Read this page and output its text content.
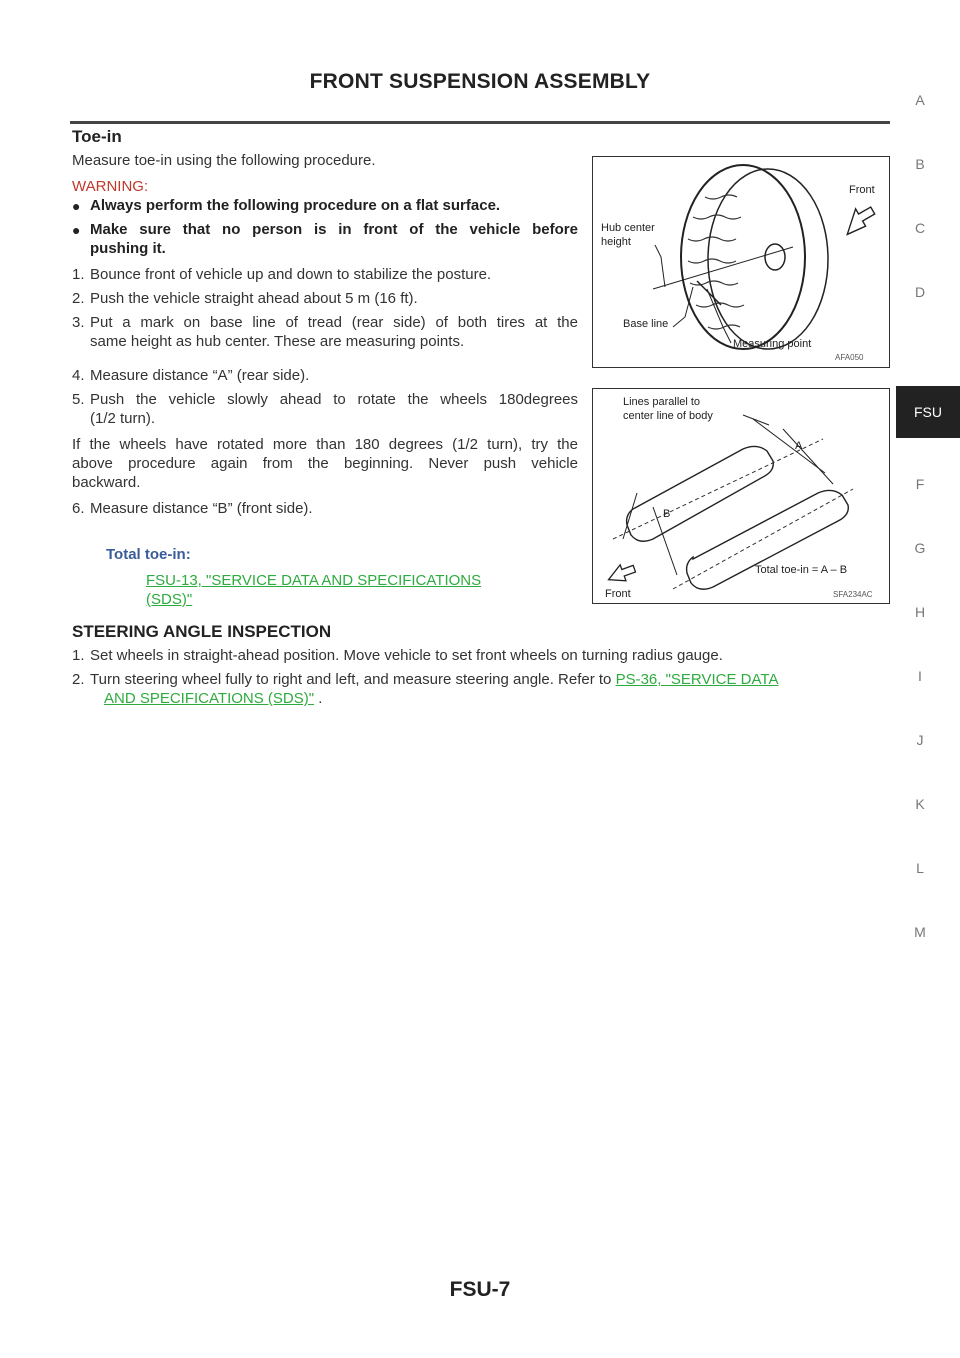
FRONT SUSPENSION ASSEMBLY
Toe-in
Measure toe-in using the following procedure.
WARNING:
● Always perform the following procedure on a flat surface.
● Make sure that no person is in front of the vehicle before
pushing it.
1. Bounce front of vehicle up and down to stabilize the posture.
2. Push the vehicle straight ahead about 5 m (16 ft).
3. Put a mark on base line of tread (rear side) of both tires at the
same height as hub center. These are measuring points.
4. Measure distance “A” (rear side).
5. Push the vehicle slowly ahead to rotate the wheels 180degrees
(1/2 turn).
If the wheels have rotated more than 180 degrees (1/2 turn), try the
above procedure again from the beginning. Never push vehicle
backward.
6. Measure distance “B” (front side).
Total toe-in:
FSU-13, "SERVICE DATA AND SPECIFICATIONS
(SDS)"
STEERING ANGLE INSPECTION
1. Set wheels in straight-ahead position. Move vehicle to set front wheels on turning radius gauge.
2. Turn steering wheel fully to right and left, and measure steering angle. Refer to PS-36, "SERVICE DATA
AND SPECIFICATIONS (SDS)" .
Front
Hub center
height
Base line
Measuring point
AFA050
Lines parallel to
center line of body
A
B
Total toe-in = A – B
Front	SFA234AC
A
B
C
D
FSU
F
G
H
I
J
K
L
M
FSU-7
